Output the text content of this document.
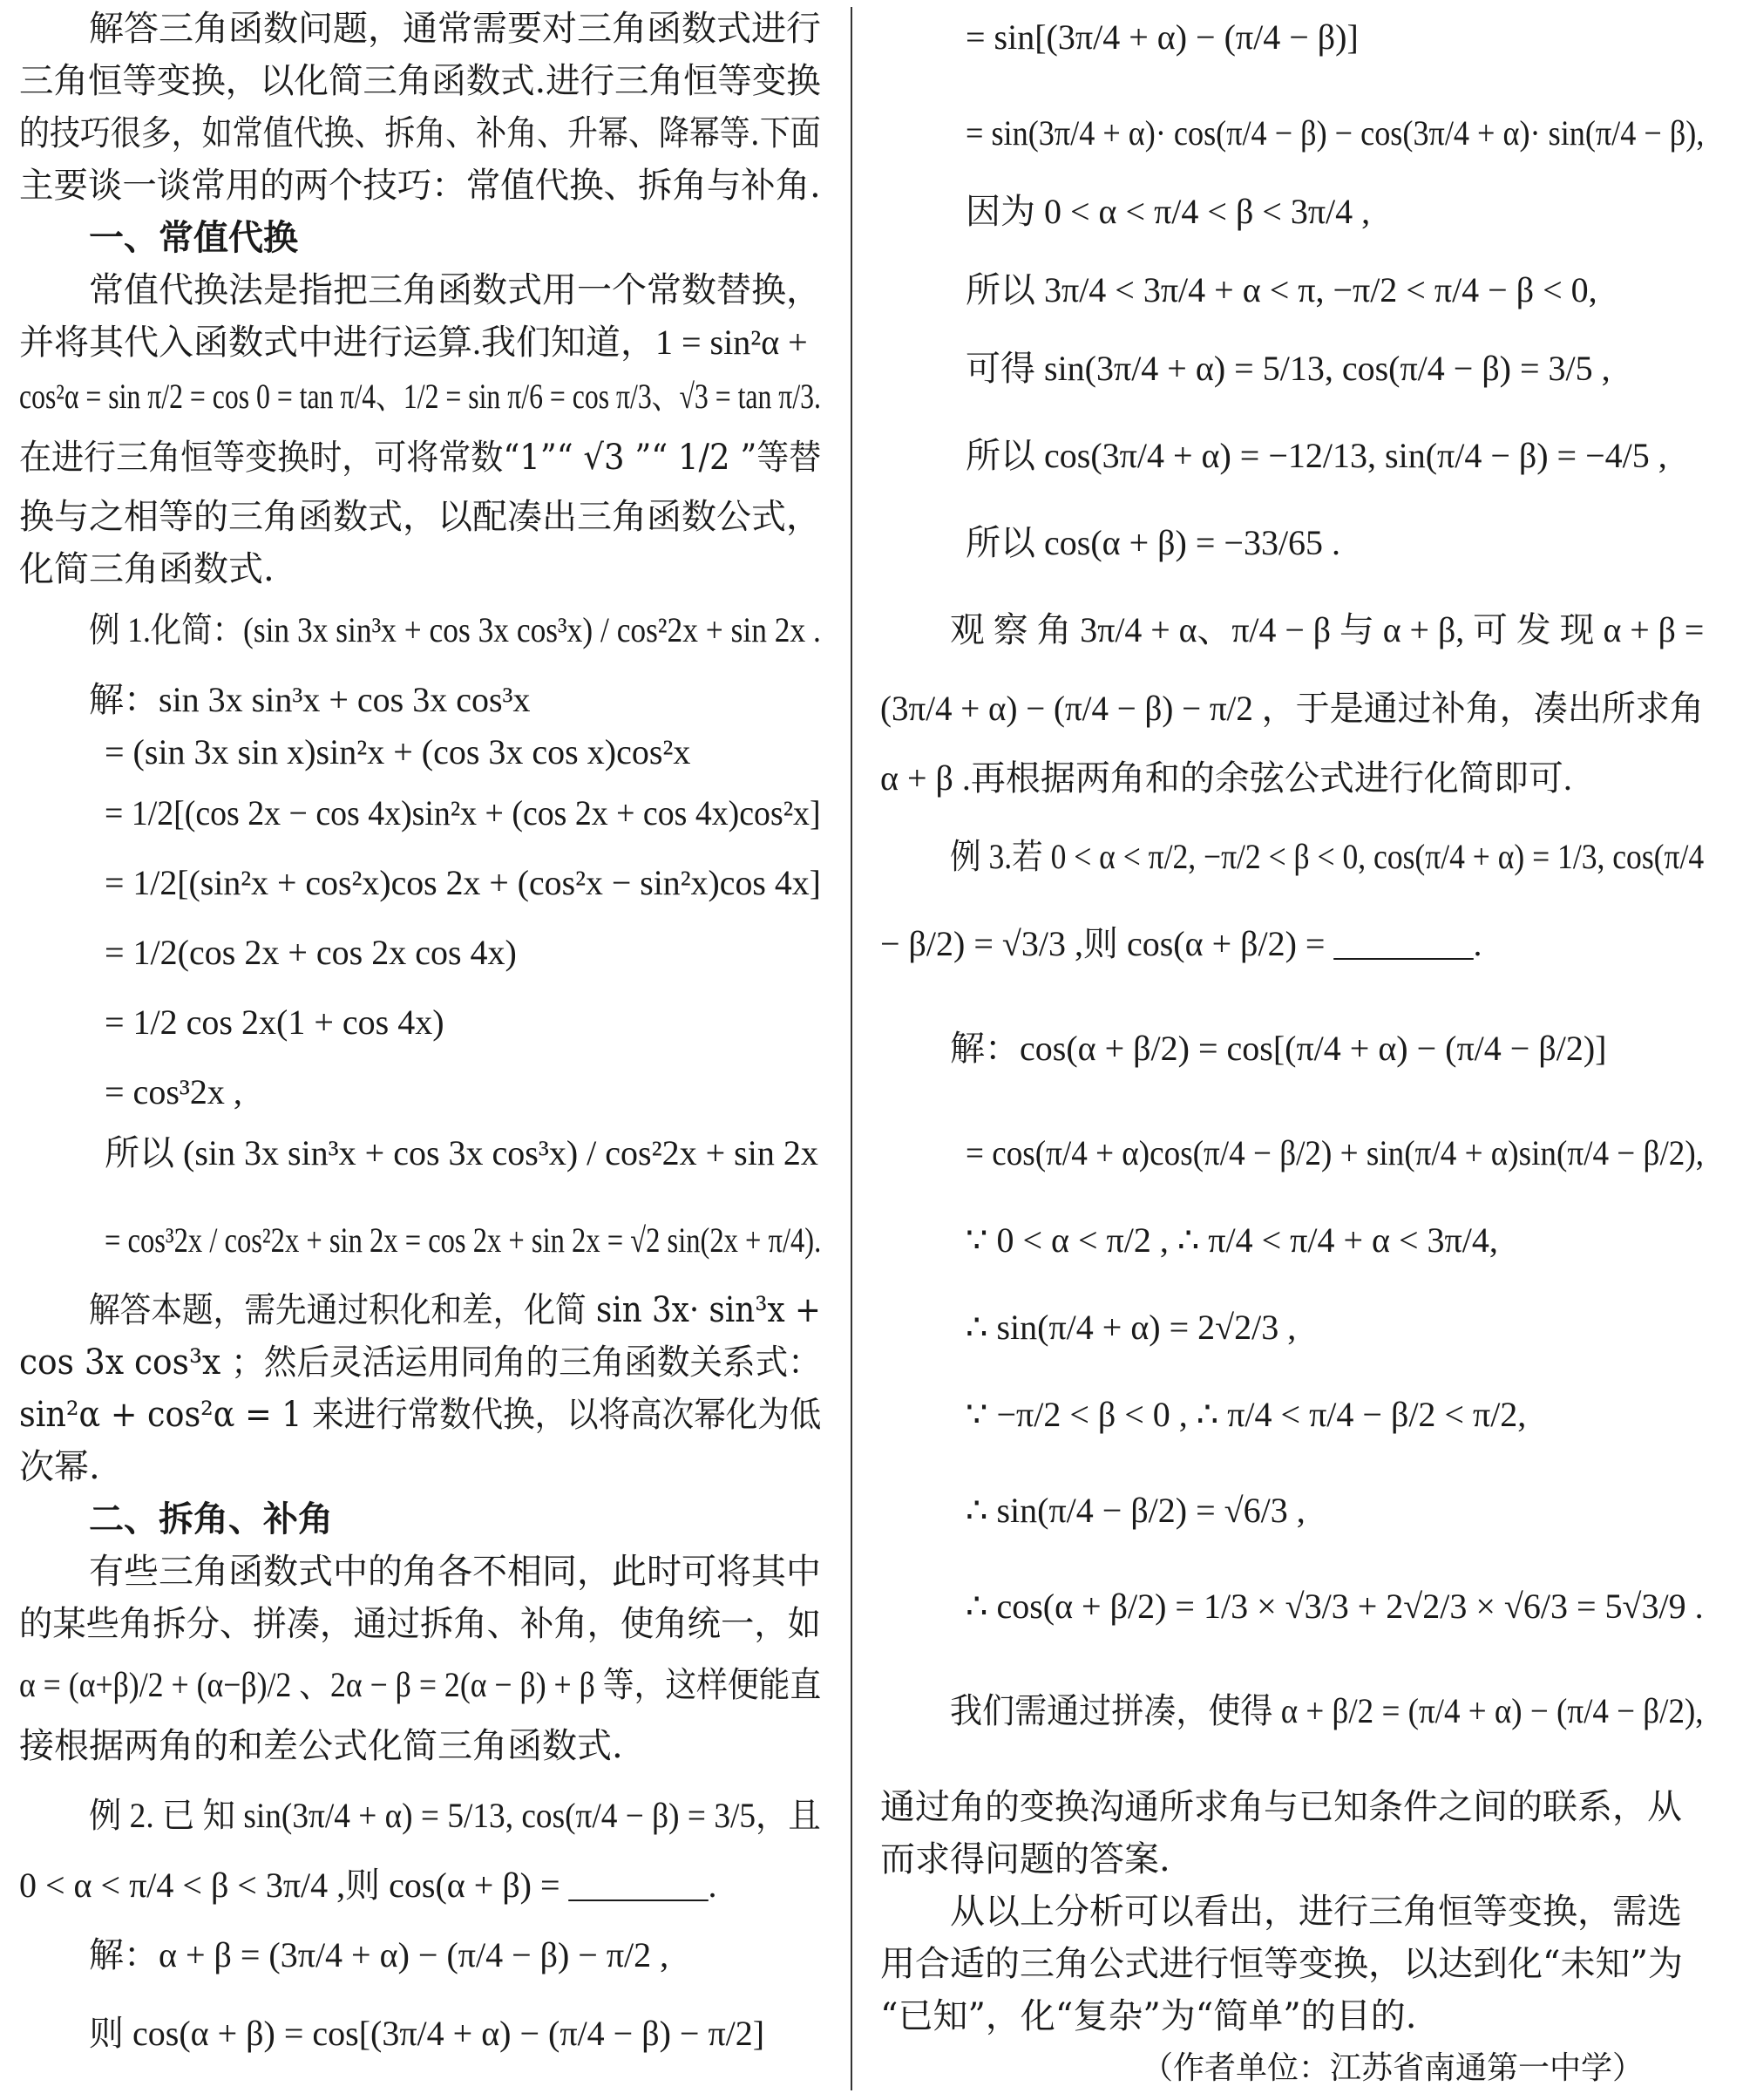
解答三角函数问题，通常需要对三角函数式进行
三角恒等变换，以化简三角函数式.进行三角恒等变换
的技巧很多，如常值代换、拆角、补角、升幂、降幂等.下面
主要谈一谈常用的两个技巧：常值代换、拆角与补角.
一、常值代换
常值代换法是指把三角函数式用一个常数替换，
并将其代入函数式中进行运算.我们知道，1 = sin²α +
cos²α = sin π/2 = cos 0 = tan π/4、1/2 = sin π/6 = cos π/3、√3 = tan π/3.
在进行三角恒等变换时，可将常数“1”“ √3 ”“ 1/2 ”等替
换与之相等的三角函数式，以配凑出三角函数公式，
化简三角函数式.
例 1.化简：(sin 3x sin³x + cos 3x cos³x) / cos²2x + sin 2x .
解：sin 3x sin³x + cos 3x cos³x
= (sin 3x sin x)sin²x + (cos 3x cos x)cos²x
= 1/2[(cos 2x − cos 4x)sin²x + (cos 2x + cos 4x)cos²x]
= 1/2[(sin²x + cos²x)cos 2x + (cos²x − sin²x)cos 4x]
= 1/2(cos 2x + cos 2x cos 4x)
= 1/2 cos 2x(1 + cos 4x)
= cos³2x ,
所以 (sin 3x sin³x + cos 3x cos³x) / cos²2x + sin 2x
= cos³2x / cos²2x + sin 2x = cos 2x + sin 2x = √2 sin(2x + π/4).
解答本题，需先通过积化和差，化简 sin 3x· sin³x +
cos 3x cos³x ；然后灵活运用同角的三角函数关系式：
sin²α + cos²α = 1 来进行常数代换，以将高次幂化为低
次幂.
二、拆角、补角
有些三角函数式中的角各不相同，此时可将其中
的某些角拆分、拼凑，通过拆角、补角，使角统一，如
α = (α+β)/2 + (α−β)/2 、2α − β = 2(α − β) + β 等，这样便能直
接根据两角的和差公式化简三角函数式.
例 2. 已 知 sin(3π/4 + α) = 5/13, cos(π/4 − β) = 3/5，且
0 < α < π/4 < β < 3π/4 ,则 cos(α + β) = ________.
解：α + β = (3π/4 + α) − (π/4 − β) − π/2 ,
则 cos(α + β) = cos[(3π/4 + α) − (π/4 − β) − π/2]
= sin[(3π/4 + α) − (π/4 − β)]
= sin(3π/4 + α)· cos(π/4 − β) − cos(3π/4 + α)· sin(π/4 − β),
因为 0 < α < π/4 < β < 3π/4 ,
所以 3π/4 < 3π/4 + α < π, −π/2 < π/4 − β < 0,
可得 sin(3π/4 + α) = 5/13, cos(π/4 − β) = 3/5 ,
所以 cos(3π/4 + α) = −12/13, sin(π/4 − β) = −4/5 ,
所以 cos(α + β) = −33/65 .
观 察 角 3π/4 + α、π/4 − β 与 α + β, 可 发 现 α + β =
(3π/4 + α) − (π/4 − β) − π/2 ，于是通过补角，凑出所求角
α + β .再根据两角和的余弦公式进行化简即可.
例 3.若 0 < α < π/2, −π/2 < β < 0, cos(π/4 + α) = 1/3, cos(π/4
− β/2) = √3/3 ,则 cos(α + β/2) = ________.
解：cos(α + β/2) = cos[(π/4 + α) − (π/4 − β/2)]
= cos(π/4 + α)cos(π/4 − β/2) + sin(π/4 + α)sin(π/4 − β/2),
∵ 0 < α < π/2 , ∴ π/4 < π/4 + α < 3π/4,
∴ sin(π/4 + α) = 2√2/3 ,
∵ −π/2 < β < 0 , ∴ π/4 < π/4 − β/2 < π/2,
∴ sin(π/4 − β/2) = √6/3 ,
∴ cos(α + β/2) = 1/3 × √3/3 + 2√2/3 × √6/3 = 5√3/9 .
我们需通过拼凑，使得 α + β/2 = (π/4 + α) − (π/4 − β/2),
通过角的变换沟通所求角与已知条件之间的联系，从
而求得问题的答案.
从以上分析可以看出，进行三角恒等变换，需选
用合适的三角公式进行恒等变换，以达到化“未知”为
“已知”，化“复杂”为“简单”的目的.
（作者单位：江苏省南通第一中学）
